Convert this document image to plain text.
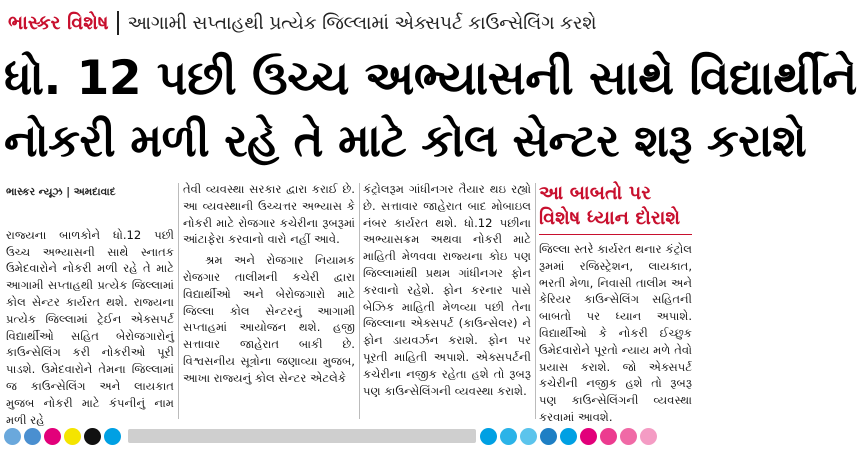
ભાસ્કર વિશેષ આગામી સપ્તાહથી પ્રત્યેક જિલ્લામાં એક્સપર્ટ કાઉન્સેલિંગ કરશે
ધો. 12 પછી ઉચ્ચ અભ્યાસની સાથે વિદ્યાર્થીને
નોકરી મળી રહે તે માટે કોલ સેન્ટર શરૂ કરાશે
ભાસ્કર ન્યૂઝ | અમદાવાદ
રાજ્યના બાળકોને ધો.12 પછી ઉચ્ચ અભ્યાસની સાથે સ્નાતક ઉમેદવારોને નોકરી મળી રહે તે માટે આગામી સપ્તાહથી પ્રત્યેક જિલ્લામાં કોલ સેન્ટર કાર્યરત થશે. રાજ્યના પ્રત્યેક જિલ્લામાં ટ્રેઈન એક્સપર્ટ વિદ્યાર્થીઓ સહિત બેરોજગારોનું કાઉન્સેલિંગ કરી નોકરીઓ પૂરી પાડશે. ઉમેદવારોને તેમના જિલ્લામાં જ કાઉન્સેલિંગ અને લાયકાત મુજબ નોકરી માટે કંપનીનું નામ મળી રહે
તેવી વ્યવસ્થા સરકાર દ્વારા કરાઈ છે. આ વ્યવસ્થાની ઉચ્ચત્તર અભ્યાસ કે નોકરી માટે રોજગાર કચેરીના રૂબરૂમાં આંટાફેરા કરવાનો વારો નહીં આવે.
શ્રમ અને રોજગાર નિયામક રોજગાર તાલીમની કચેરી દ્વારા વિદ્યાર્થીઓ અને બેરોજગારો માટે જિલ્લા કોલ સેન્ટરનું આગામી સપ્તાહમાં આયોજન થશે. હજી સત્તાવાર જાહેરાત બાકી છે. વિશ્વસનીય સૂત્રોના જણાવ્યા મુજબ, આખા રાજ્યનું કોલ સેન્ટર એટલેકે
કંટ્રોલરૂમ ગાંધીનગર તૈયાર થઇ રહ્યો છે. સત્તાવાર જાહેરાત બાદ મોબાઇલ નંબર કાર્યરત થશે. ધો.12 પછીના અભ્યાસક્રમ અથવા નોકરી માટે માહિતી મેળવવા રાજ્યના કોઇ પણ જિલ્લામાંથી પ્રથમ ગાંધીનગર ફોન કરવાનો રહેશે. ફોન કરનાર પાસે બેઝિક માહિતી મેળવ્યા પછી તેના જિલ્લાના એક્સપર્ટ (કાઉન્સેલર) ને ફોન ડાયવર્ઝન કરાશે. ફોન પર પૂરતી માહિતી અપાશે. એક્સપર્ટની કચેરીના નજીક રહેતા હશે તો રૂબરૂ પણ કાઉન્સેલિંગની વ્યવસ્થા કરાશે.
આ બાબતો પર
વિશેષ ધ્યાન દોરાશે
જિલ્લા સ્તરે કાર્યરત થનાર કંટ્રોલ રૂમમાં રજિસ્ટ્રેશન, લાયકાત, ભરતી મેળા, નિવાસી તાલીમ અને કેરિયર કાઉન્સેલિંગ સહિતની બાબતો પર ધ્યાન અપાશે. વિદ્યાર્થીઓ કે નોકરી ઈચ્છુક ઉમેદવારોને પૂરતો ન્યાય મળે તેવો પ્રયાસ કરાશે. જો એક્સપર્ટ કચેરીની નજીક હશે તો રૂબરૂ પણ કાઉન્સેલિંગની વ્યવસ્થા કરવામાં આવશે.
